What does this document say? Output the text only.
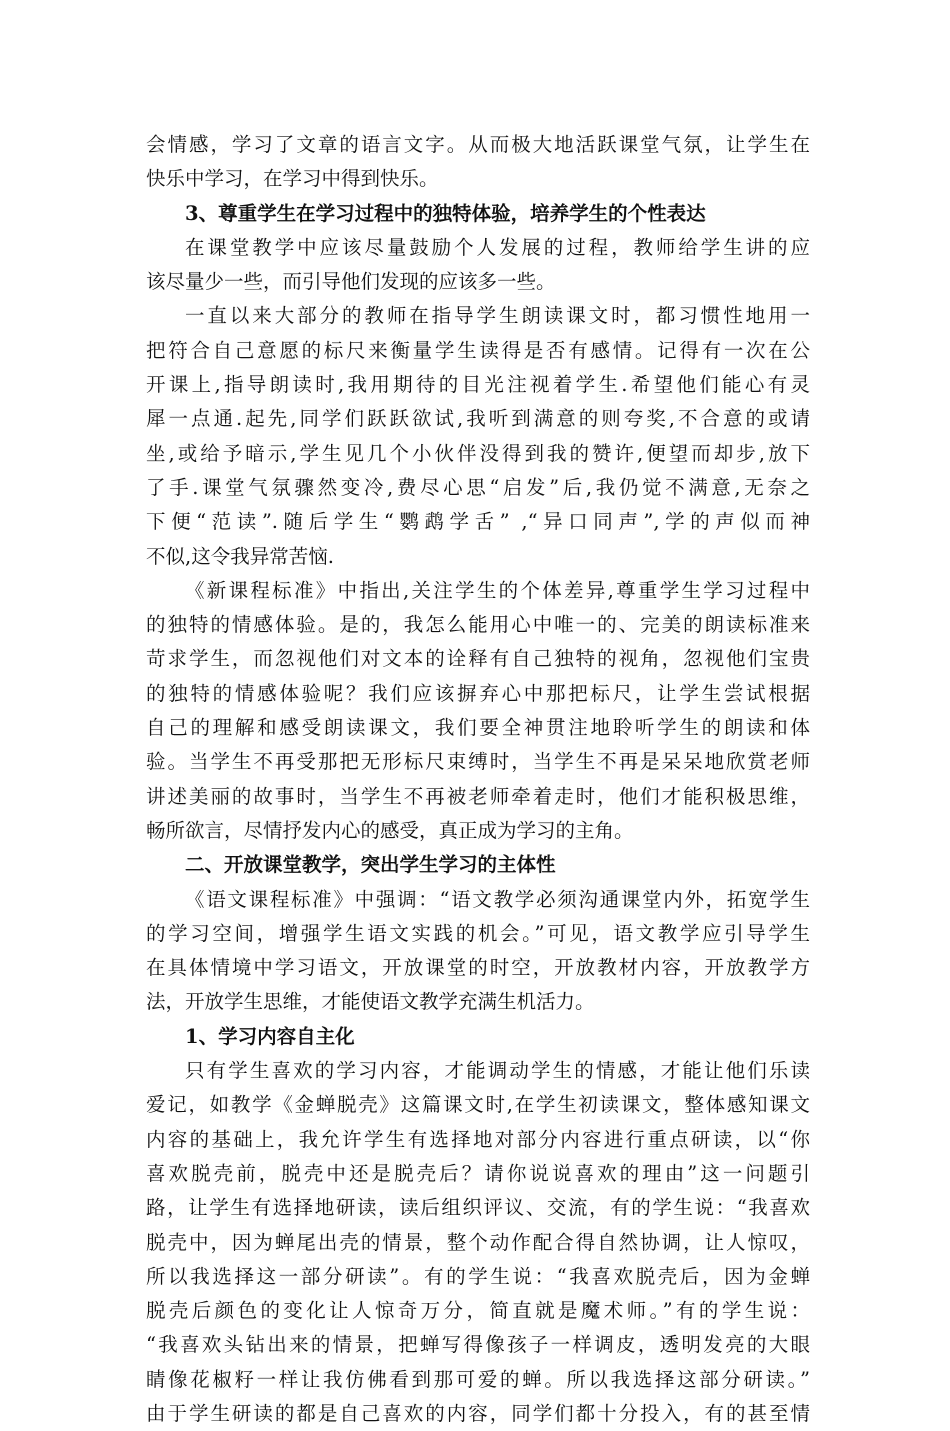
会情感，学习了文章的语言文字。从而极大地活跃课堂气氛，让学生在
快乐中学习，在学习中得到快乐。
3、尊重学生在学习过程中的独特体验，培养学生的个性表达
在课堂教学中应该尽量鼓励个人发展的过程，教师给学生讲的应
该尽量少一些，而引导他们发现的应该多一些。
一直以来大部分的教师在指导学生朗读课文时，都习惯性地用一
把符合自己意愿的标尺来衡量学生读得是否有感情。记得有一次在公
开课上,指导朗读时,我用期待的目光注视着学生.希望他们能心有灵
犀一点通.起先,同学们跃跃欲试,我听到满意的则夸奖,不合意的或请
坐,或给予暗示,学生见几个小伙伴没得到我的赞许,便望而却步,放下
了手.课堂气氛骤然变冷,费尽心思“启发”后,我仍觉不满意,无奈之
下便“范读”.随后学生“鹦鹉学舌” ,“异口同声”,学的声似而神
不似,这令我异常苦恼.
《新课程标准》中指出,关注学生的个体差异,尊重学生学习过程中
的独特的情感体验。是的，我怎么能用心中唯一的、完美的朗读标准来
苛求学生，而忽视他们对文本的诠释有自己独特的视角，忽视他们宝贵
的独特的情感体验呢？我们应该摒弃心中那把标尺，让学生尝试根据
自己的理解和感受朗读课文，我们要全神贯注地聆听学生的朗读和体
验。当学生不再受那把无形标尺束缚时，当学生不再是呆呆地欣赏老师
讲述美丽的故事时，当学生不再被老师牵着走时，他们才能积极思维，
畅所欲言，尽情抒发内心的感受，真正成为学习的主角。
二、开放课堂教学，突出学生学习的主体性
《语文课程标准》中强调：“语文教学必须沟通课堂内外，拓宽学生
的学习空间，增强学生语文实践的机会。”可见，语文教学应引导学生
在具体情境中学习语文，开放课堂的时空，开放教材内容，开放教学方
法，开放学生思维，才能使语文教学充满生机活力。
1、学习内容自主化
只有学生喜欢的学习内容，才能调动学生的情感，才能让他们乐读
爱记，如教学《金蝉脱壳》这篇课文时,在学生初读课文，整体感知课文
内容的基础上，我允许学生有选择地对部分内容进行重点研读，以“你
喜欢脱壳前，脱壳中还是脱壳后？请你说说喜欢的理由”这一问题引
路，让学生有选择地研读，读后组织评议、交流，有的学生说：“我喜欢
脱壳中，因为蝉尾出壳的情景，整个动作配合得自然协调，让人惊叹，
所以我选择这一部分研读”。有的学生说：“我喜欢脱壳后，因为金蝉
脱壳后颜色的变化让人惊奇万分，简直就是魔术师。”有的学生说：
“我喜欢头钻出来的情景，把蝉写得像孩子一样调皮，透明发亮的大眼
睛像花椒籽一样让我仿佛看到那可爱的蝉。所以我选择这部分研读。”
由于学生研读的都是自己喜欢的内容，同学们都十分投入，有的甚至情
